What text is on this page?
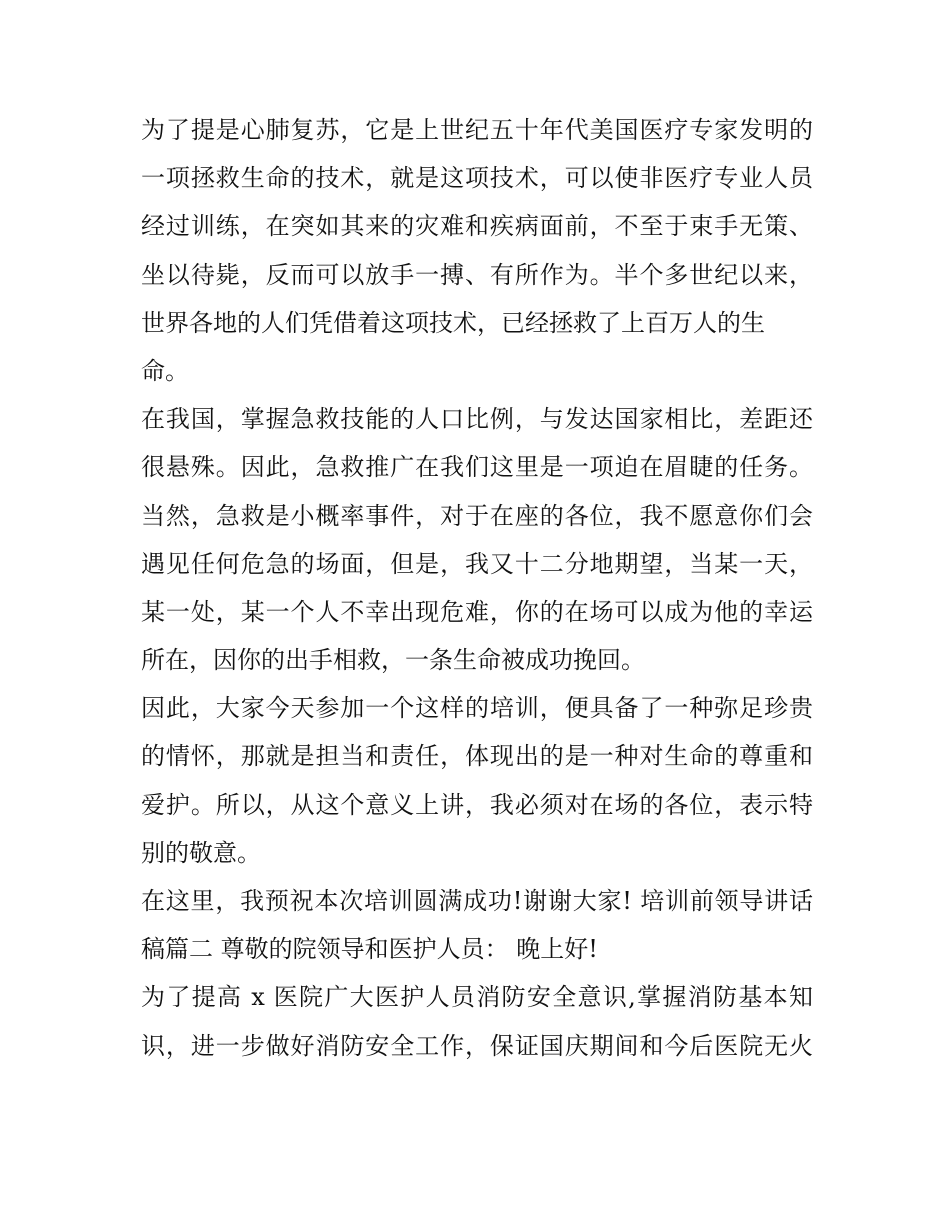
为了提是心肺复苏，它是上世纪五十年代美国医疗专家发明的
一项拯救生命的技术，就是这项技术，可以使非医疗专业人员
经过训练，在突如其来的灾难和疾病面前，不至于束手无策、
坐以待毙，反而可以放手一搏、有所作为。半个多世纪以来，
世界各地的人们凭借着这项技术，已经拯救了上百万人的生
命。
在我国，掌握急救技能的人口比例，与发达国家相比，差距还
很悬殊。因此，急救推广在我们这里是一项迫在眉睫的任务。
当然，急救是小概率事件，对于在座的各位，我不愿意你们会
遇见任何危急的场面，但是，我又十二分地期望，当某一天，
某一处，某一个人不幸出现危难，你的在场可以成为他的幸运
所在，因你的出手相救，一条生命被成功挽回。
因此，大家今天参加一个这样的培训，便具备了一种弥足珍贵
的情怀，那就是担当和责任，体现出的是一种对生命的尊重和
爱护。所以，从这个意义上讲，我必须对在场的各位，表示特
别的敬意。
在这里，我预祝本次培训圆满成功!谢谢大家! 培训前领导讲话
稿篇二 尊敬的院领导和医护人员： 晚上好!
为了提高 x 医院广大医护人员消防安全意识,掌握消防基本知
识，进一步做好消防安全工作，保证国庆期间和今后医院无火
